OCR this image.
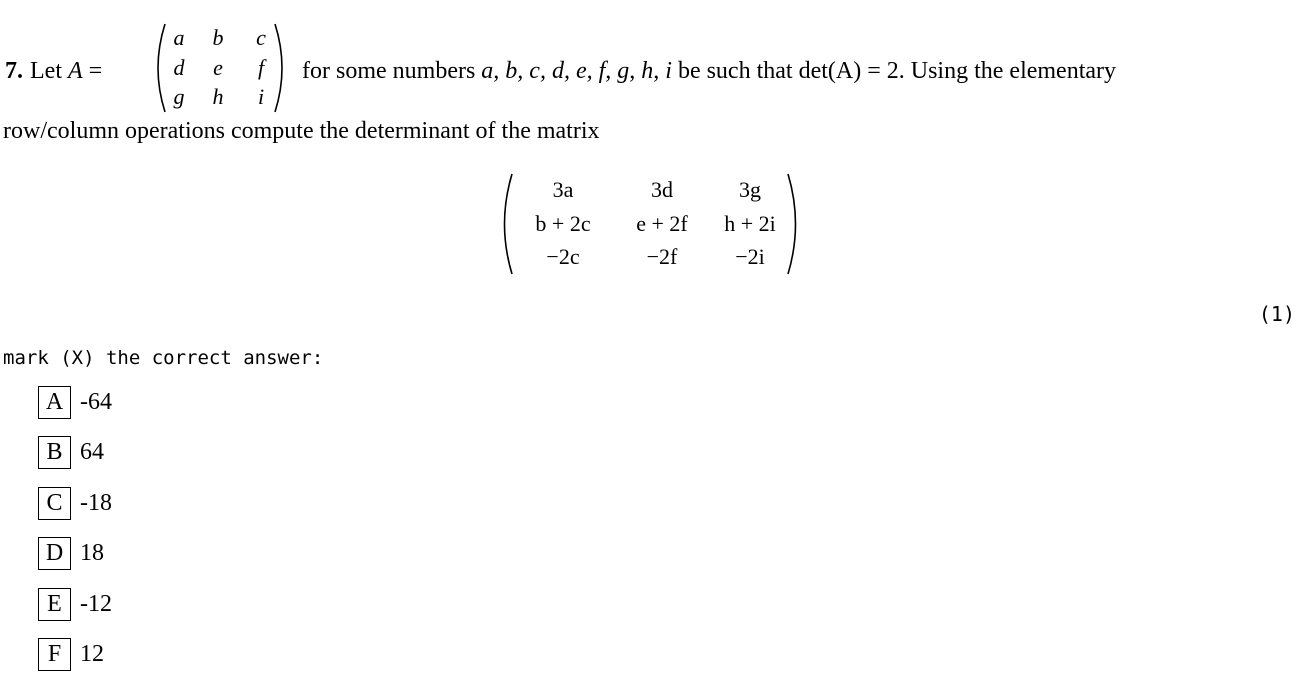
7. Let A =
a	b	c
d	e	f
g	h	i
for some numbers a, b, c, d, e, f, g, h, i be such that det(A) = 2. Using the elementary
row/column operations compute the determinant of the matrix
3a	3d	3g
b + 2c	e + 2f	h + 2i
−2c	−2f	−2i
(1)
mark (X) the correct answer:
A -64
B 64
C -18
D 18
E -12
F 12
